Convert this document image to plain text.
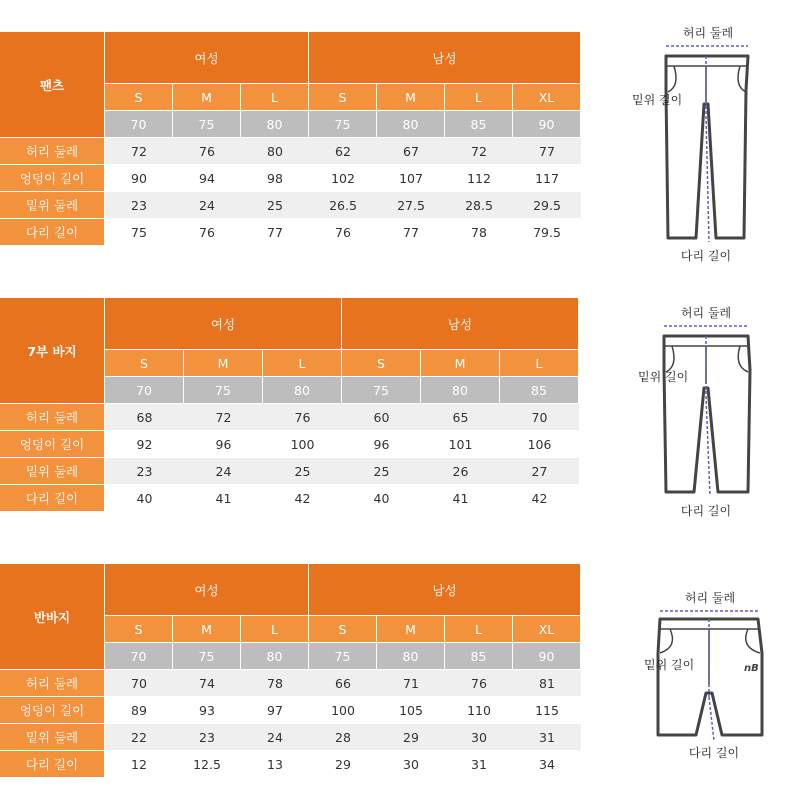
팬츠	여성			남성			
	S	M	L	S	M	L	XL
	70	75	80	75	80	85	90
허리 둘레	72	76	80	62	67	72	77
엉덩이 길이	90	94	98	102	107	112	117
밑위 둘레	23	24	25	26.5	27.5	28.5	29.5
다리 길이	75	76	77	76	77	78	79.5
허리 둘레
밑위 길이
다리 길이
7부 바지	여성			남성		
	S	M	L	S	M	L
	70	75	80	75	80	85
허리 둘레	68	72	76	60	65	70
엉덩이 길이	92	96	100	96	101	106
밑위 둘레	23	24	25	25	26	27
다리 길이	40	41	42	40	41	42
허리 둘레
밑위 길이
다리 길이
반바지	여성			남성			
	S	M	L	S	M	L	XL
	70	75	80	75	80	85	90
허리 둘레	70	74	78	66	71	76	81
엉덩이 길이	89	93	97	100	105	110	115
밑위 둘레	22	23	24	28	29	30	31
다리 길이	12	12.5	13	29	30	31	34
허리 둘레
nB
밑위 길이
다리 길이
